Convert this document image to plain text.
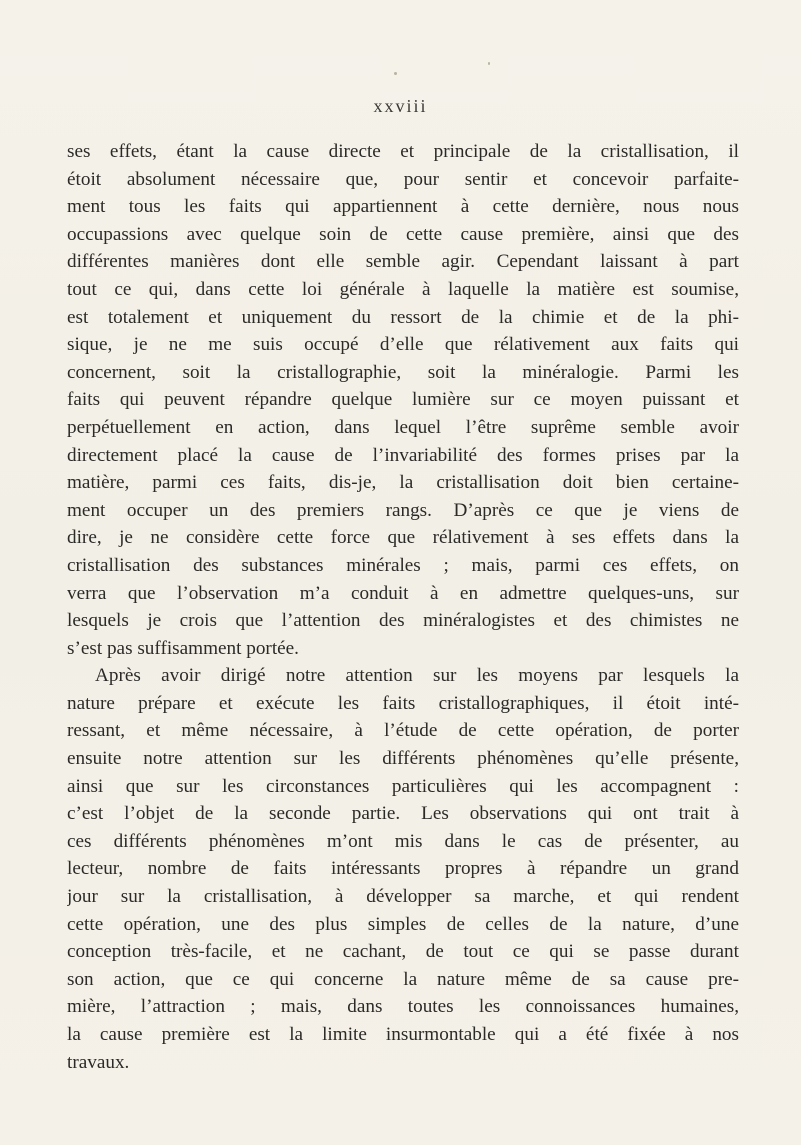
xxviii
ses effets, étant la cause directe et principale de la cristallisation, il
étoit absolument nécessaire que, pour sentir et concevoir parfaite-
ment tous les faits qui appartiennent à cette dernière, nous nous
occupassions avec quelque soin de cette cause première, ainsi que des
différentes manières dont elle semble agir. Cependant laissant à part
tout ce qui, dans cette loi générale à laquelle la matière est soumise,
est totalement et uniquement du ressort de la chimie et de la phi-
sique, je ne me suis occupé d’elle que rélativement aux faits qui
concernent, soit la cristallographie, soit la minéralogie. Parmi les
faits qui peuvent répandre quelque lumière sur ce moyen puissant et
perpétuellement en action, dans lequel l’être suprême semble avoir
directement placé la cause de l’invariabilité des formes prises par la
matière, parmi ces faits, dis-je, la cristallisation doit bien certaine-
ment occuper un des premiers rangs. D’après ce que je viens de
dire, je ne considère cette force que rélativement à ses effets dans la
cristallisation des substances minérales ; mais, parmi ces effets, on
verra que l’observation m’a conduit à en admettre quelques-uns, sur
lesquels je crois que l’attention des minéralogistes et des chimistes ne
s’est pas suffisamment portée.
Après avoir dirigé notre attention sur les moyens par lesquels la
nature prépare et exécute les faits cristallographiques, il étoit inté-
ressant, et même nécessaire, à l’étude de cette opération, de porter
ensuite notre attention sur les différents phénomènes qu’elle présente,
ainsi que sur les circonstances particulières qui les accompagnent :
c’est l’objet de la seconde partie. Les observations qui ont trait à
ces différents phénomènes m’ont mis dans le cas de présenter, au
lecteur, nombre de faits intéressants propres à répandre un grand
jour sur la cristallisation, à développer sa marche, et qui rendent
cette opération, une des plus simples de celles de la nature, d’une
conception très-facile, et ne cachant, de tout ce qui se passe durant
son action, que ce qui concerne la nature même de sa cause pre-
mière, l’attraction ; mais, dans toutes les connoissances humaines,
la cause première est la limite insurmontable qui a été fixée à nos
travaux.
